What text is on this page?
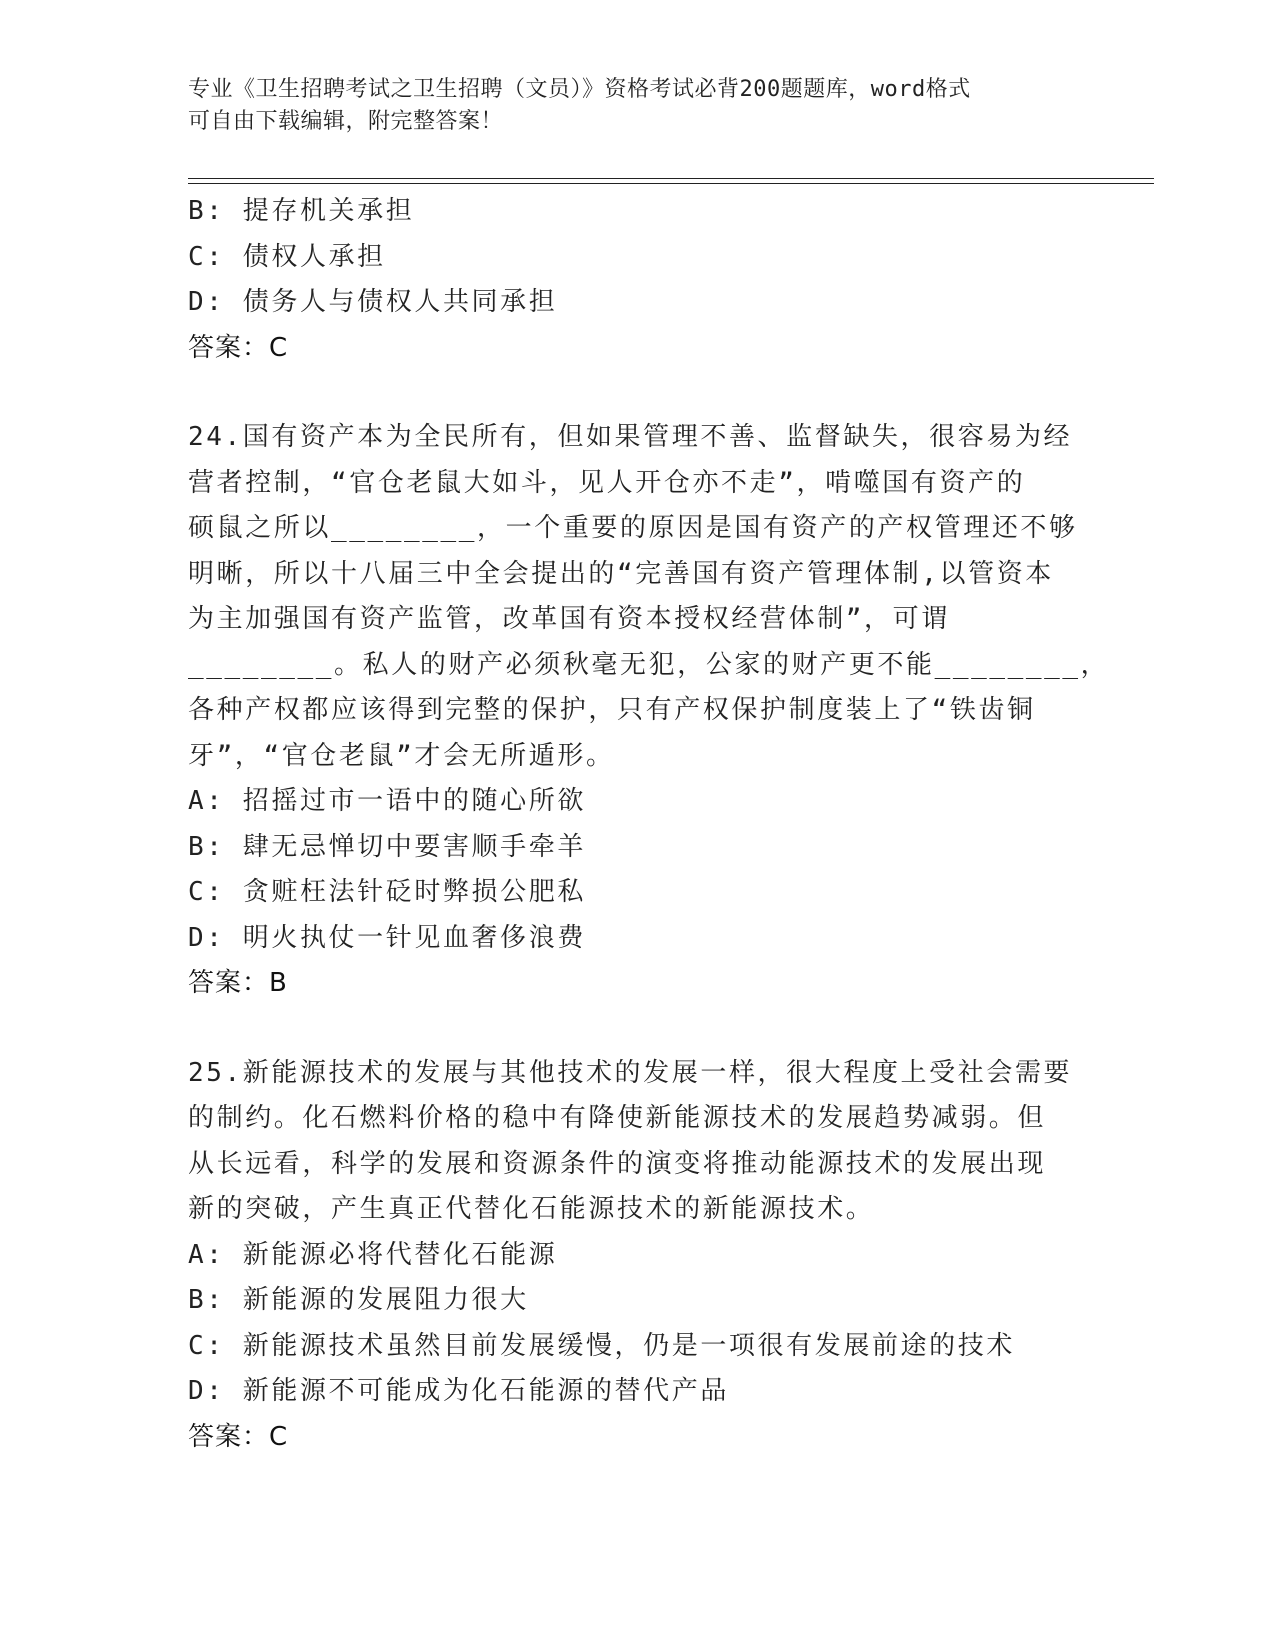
专业《卫生招聘考试之卫生招聘（文员）》资格考试必背200题题库，word格式
可自由下载编辑，附完整答案！
B: 提存机关承担
C: 债权人承担
D: 债务人与债权人共同承担
答案：C
24.国有资产本为全民所有，但如果管理不善、监督缺失，很容易为经
营者控制，“官仓老鼠大如斗，见人开仓亦不走”，啃噬国有资产的
硕鼠之所以________，一个重要的原因是国有资产的产权管理还不够
明晰，所以十八届三中全会提出的“完善国有资产管理体制,以管资本
为主加强国有资产监管，改革国有资本授权经营体制”，可谓
________。私人的财产必须秋毫无犯，公家的财产更不能________，
各种产权都应该得到完整的保护，只有产权保护制度装上了“铁齿铜
牙”，“官仓老鼠”才会无所遁形。
A: 招摇过市一语中的随心所欲
B: 肆无忌惮切中要害顺手牵羊
C: 贪赃枉法针砭时弊损公肥私
D: 明火执仗一针见血奢侈浪费
答案：B
25.新能源技术的发展与其他技术的发展一样，很大程度上受社会需要
的制约。化石燃料价格的稳中有降使新能源技术的发展趋势减弱。但
从长远看，科学的发展和资源条件的演变将推动能源技术的发展出现
新的突破，产生真正代替化石能源技术的新能源技术。
A: 新能源必将代替化石能源
B: 新能源的发展阻力很大
C: 新能源技术虽然目前发展缓慢，仍是一项很有发展前途的技术
D: 新能源不可能成为化石能源的替代产品
答案：C
